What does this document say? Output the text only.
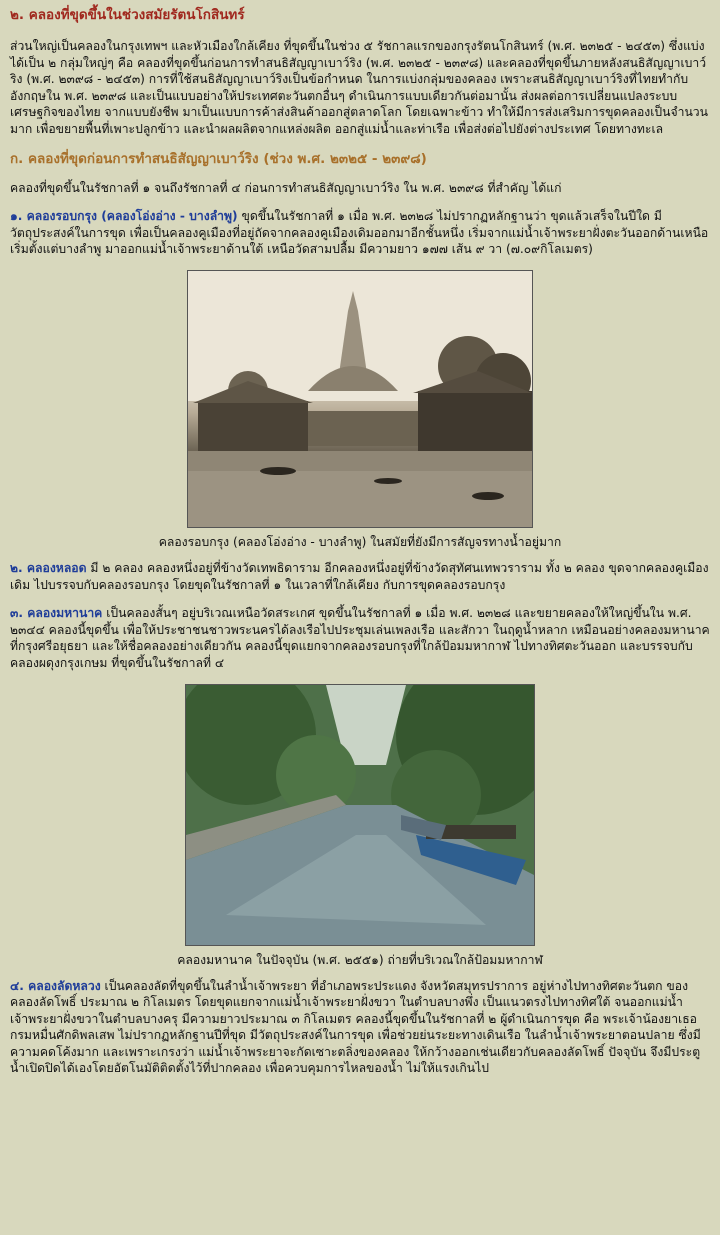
๒. คลองที่ขุดขึ้นในช่วงสมัยรัตนโกสินทร์

ส่วนใหญ่เป็นคลองในกรุงเทพฯ และหัวเมืองใกล้เคียง ที่ขุดขึ้นในช่วง ๕ รัชกาลแรกของกรุงรัตนโกสินทร์ (พ.ศ. ๒๓๒๕ - ๒๔๕๓) ซึ่งแบ่งได้เป็น ๒ กลุ่มใหญ่ๆ คือ คลองที่ขุดขึ้นก่อนการทำสนธิสัญญาเบาว์ริง (พ.ศ. ๒๓๒๕ - ๒๓๙๘) และคลองที่ขุดขึ้นภายหลังสนธิสัญญาเบาว์ริง (พ.ศ. ๒๓๙๘ - ๒๔๕๓) การที่ใช้สนธิสัญญาเบาว์ริงเป็นข้อกำหนด ในการแบ่งกลุ่มของคลอง เพราะสนธิสัญญาเบาว์ริงที่ไทยทำกับอังกฤษใน พ.ศ. ๒๓๙๘ และเป็นแบบอย่างให้ประเทศตะวันตกอื่นๆ ดำเนินการแบบเดียวกันต่อมานั้น ส่งผลต่อการเปลี่ยนแปลงระบบเศรษฐกิจของไทย จากแบบยังชีพ มาเป็นแบบการค้าส่งสินค้าออกสู่ตลาดโลก โดยเฉพาะข้าว ทำให้มีการส่งเสริมการขุดคลองเป็นจำนวนมาก เพื่อขยายพื้นที่เพาะปลูกข้าว และนำผลผลิตจากแหล่งผลิต ออกสู่แม่น้ำและท่าเรือ เพื่อส่งต่อไปยังต่างประเทศ โดยทางทะเล

ก. คลองที่ขุดก่อนการทำสนธิสัญญาเบาว์ริง (ช่วง พ.ศ. ๒๓๒๕ - ๒๓๙๘)

คลองที่ขุดขึ้นในรัชกาลที่ ๑ จนถึงรัชกาลที่ ๔ ก่อนการทำสนธิสัญญาเบาว์ริง ใน พ.ศ. ๒๓๙๘ ที่สำคัญ ได้แก่

๑. คลองรอบกรุง (คลองโอ่งอ่าง - บางลำพู) ขุดขึ้นในรัชกาลที่ ๑ เมื่อ พ.ศ. ๒๓๒๘ ไม่ปรากฏหลักฐานว่า ขุดแล้วเสร็จในปีใด มีวัตถุประสงค์ในการขุด เพื่อเป็นคลองคูเมืองที่อยู่ถัดจากคลองคูเมืองเดิมออกมาอีกชั้นหนึ่ง เริ่มจากแม่น้ำเจ้าพระยาฝั่งตะวันออกด้านเหนือ เริ่มตั้งแต่บางลำพู มาออกแม่น้ำเจ้าพระยาด้านใต้ เหนือวัดสามปลื้ม มีความยาว ๑๗๗ เส้น ๙ วา (๗.๐๙กิโลเมตร)

คลองรอบกรุง (คลองโอ่งอ่าง - บางลำพู) ในสมัยที่ยังมีการสัญจรทางน้ำอยู่มาก

๒. คลองหลอด มี ๒ คลอง คลองหนึ่งอยู่ที่ข้างวัดเทพธิดาราม อีกคลองหนึ่งอยู่ที่ข้างวัดสุทัศนเทพวราราม ทั้ง ๒ คลอง ขุดจากคลองคูเมืองเดิม ไปบรรจบกับคลองรอบกรุง โดยขุดในรัชกาลที่ ๑ ในเวลาที่ใกล้เคียง กับการขุดคลองรอบกรุง

๓. คลองมหานาค เป็นคลองสั้นๆ อยู่บริเวณเหนือวัดสระเกศ ขุดขึ้นในรัชกาลที่ ๑ เมื่อ พ.ศ. ๒๓๒๘ และขยายคลองให้ใหญ่ขึ้นใน พ.ศ. ๒๓๔๔ คลองนี้ขุดขึ้น เพื่อให้ประชาชนชาวพระนครได้ลงเรือไปประชุมเล่นเพลงเรือ และสักวา ในฤดูน้ำหลาก เหมือนอย่างคลองมหานาคที่กรุงศรีอยุธยา และให้ชื่อคลองอย่างเดียวกัน คลองนี้ขุดแยกจากคลองรอบกรุงที่ใกล้ป้อมมหากาฬ ไปทางทิศตะวันออก และบรรจบกับคลองผดุงกรุงเกษม ที่ขุดขึ้นในรัชกาลที่ ๔

คลองมหานาค ในปัจจุบัน (พ.ศ. ๒๕๕๑) ถ่ายที่บริเวณใกล้ป้อมมหากาฬ

๔. คลองลัดหลวง เป็นคลองลัดที่ขุดขึ้นในลำน้ำเจ้าพระยา ที่อำเภอพระประแดง จังหวัดสมุทรปราการ อยู่ห่างไปทางทิศตะวันตก ของคลองลัดโพธิ์ ประมาณ ๒ กิโลเมตร โดยขุดแยกจากแม่น้ำเจ้าพระยาฝั่งขวา ในตำบลบางพึ่ง เป็นแนวตรงไปทางทิศใต้ จนออกแม่น้ำเจ้าพระยาฝั่งขวาในตำบลบางครุ มีความยาวประมาณ ๓ กิโลเมตร คลองนี้ขุดขึ้นในรัชกาลที่ ๒ ผู้ดำเนินการขุด คือ พระเจ้าน้องยาเธอ กรมหมื่นศักดิพลเสพ ไม่ปรากฏหลักฐานปีที่ขุด มีวัตถุประสงค์ในการขุด เพื่อช่วยย่นระยะทางเดินเรือ ในลำน้ำเจ้าพระยาตอนปลาย ซึ่งมีความคดโค้งมาก และเพราะเกรงว่า แม่น้ำเจ้าพระยาจะกัดเซาะตลิ่งของคลอง ให้กว้างออกเช่นเดียวกับคลองลัดโพธิ์ ปัจจุบัน จึงมีประตูน้ำเปิดปิดได้เองโดยอัตโนมัติติดตั้งไว้ที่ปากคลอง เพื่อควบคุมการไหลของน้ำ ไม่ให้แรงเกินไป
